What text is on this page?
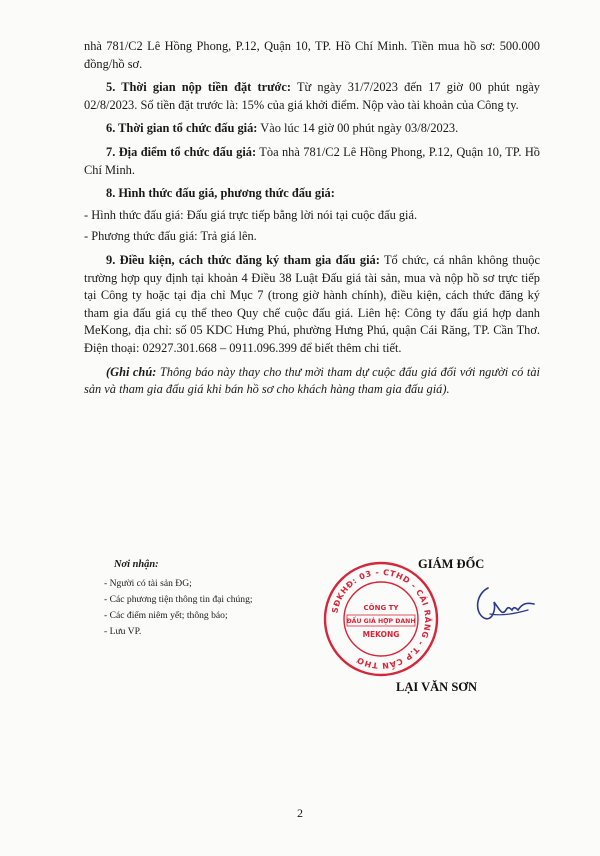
nhà 781/C2 Lê Hồng Phong, P.12, Quận 10, TP. Hồ Chí Minh. Tiền mua hồ sơ: 500.000 đồng/hồ sơ.

5. Thời gian nộp tiền đặt trước: Từ ngày 31/7/2023 đến 17 giờ 00 phút ngày 02/8/2023. Số tiền đặt trước là: 15% của giá khởi điểm. Nộp vào tài khoản của Công ty.

6. Thời gian tổ chức đấu giá: Vào lúc 14 giờ 00 phút ngày 03/8/2023.

7. Địa điểm tổ chức đấu giá: Tòa nhà 781/C2 Lê Hồng Phong, P.12, Quận 10, TP. Hồ Chí Minh.

8. Hình thức đấu giá, phương thức đấu giá:

- Hình thức đấu giá: Đấu giá trực tiếp bằng lời nói tại cuộc đấu giá.

- Phương thức đấu giá: Trả giá lên.

9. Điều kiện, cách thức đăng ký tham gia đấu giá: Tổ chức, cá nhân không thuộc trường hợp quy định tại khoản 4 Điều 38 Luật Đấu giá tài sản, mua và nộp hồ sơ trực tiếp tại Công ty hoặc tại địa chỉ Mục 7 (trong giờ hành chính), điều kiện, cách thức đăng ký tham gia đấu giá cụ thể theo Quy chế cuộc đấu giá. Liên hệ: Công ty đấu giá hợp danh MeKong, địa chỉ: số 05 KDC Hưng Phú, phường Hưng Phú, quận Cái Răng, TP. Cần Thơ. Điện thoại: 02927.301.668 – 0911.096.399 để biết thêm chi tiết.

(Ghi chú: Thông báo này thay cho thư mời tham dự cuộc đấu giá đối với người có tài sản và tham gia đấu giá khi bán hồ sơ cho khách hàng tham gia đấu giá).

Nơi nhận:
- Người có tài sản ĐG;
- Các phương tiện thông tin đại chúng;
- Các điểm niêm yết; thông báo;
- Lưu VP.
SĐKHĐ: 03 - CTHD - CÁI RĂNG - T.P CẦN THƠ
CÔNG TY
ĐẤU GIÁ HỢP DANH
MEKONG
GIÁM ĐỐC
LẠI VĂN SƠN
2
